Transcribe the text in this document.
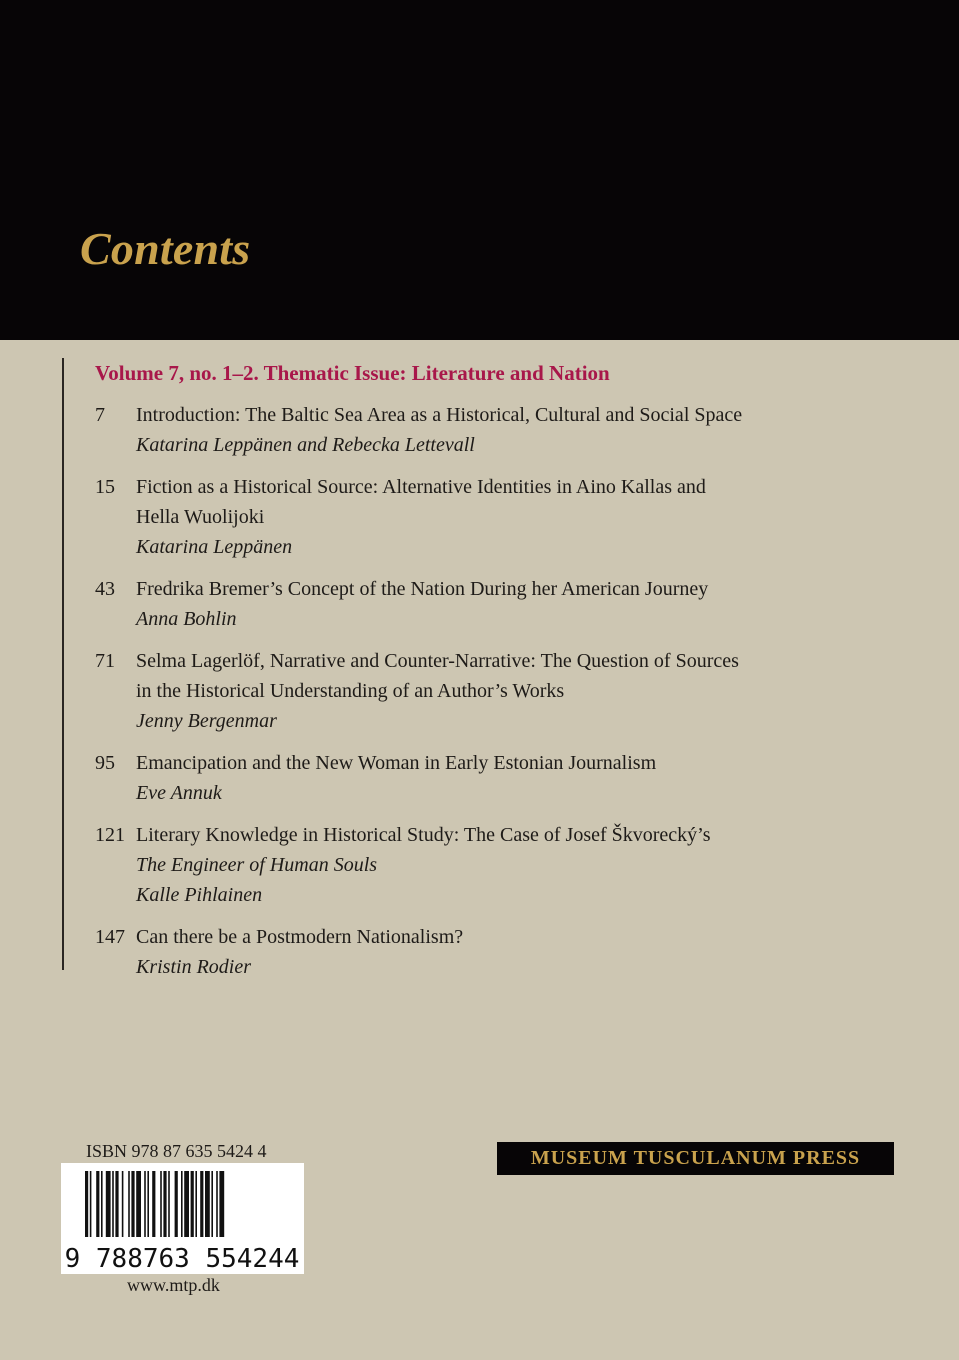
Contents
Volume 7, no. 1–2. Thematic Issue: Literature and Nation
7 Introduction: The Baltic Sea Area as a Historical, Cultural and Social Space
Katarina Leppänen and Rebecka Lettevall
15 Fiction as a Historical Source: Alternative Identities in Aino Kallas and
Hella Wuolijoki
Katarina Leppänen
43 Fredrika Bremer’s Concept of the Nation During her American Journey
Anna Bohlin
71 Selma Lagerlöf, Narrative and Counter-Narrative: The Question of Sources
in the Historical Understanding of an Author’s Works
Jenny Bergenmar
95 Emancipation and the New Woman in Early Estonian Journalism
Eve Annuk
121 Literary Knowledge in Historical Study: The Case of Josef Škvorecký’s
The Engineer of Human Souls
Kalle Pihlainen
147 Can there be a Postmodern Nationalism?
Kristin Rodier
ISBN 978 87 635 5424 4
9 788763 554244
www.mtp.dk
MUSEUM TUSCULANUM PRESS
